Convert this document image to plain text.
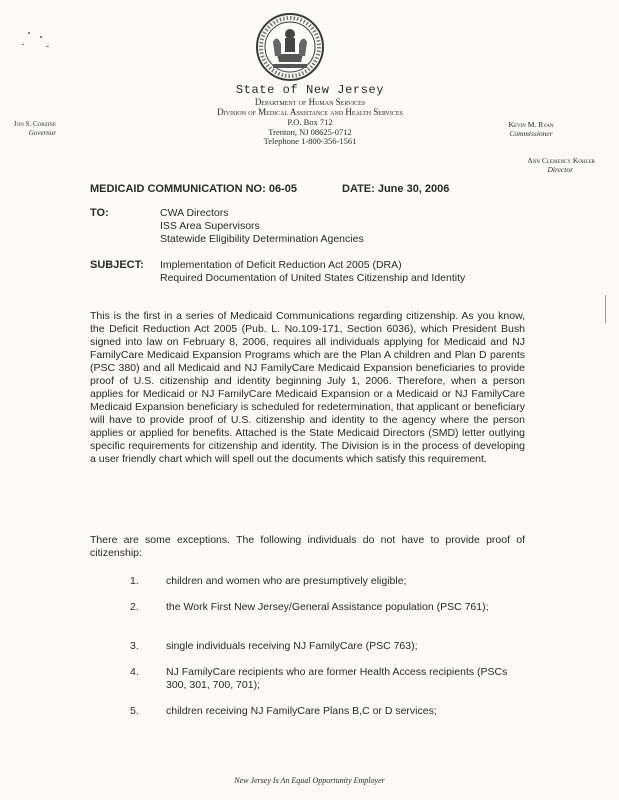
State of New Jersey
Department of Human Services
Division of Medical Assistance and Health Services
P.O. Box 712
Trenton, NJ 08625-0712
Telephone 1-800-356-1561
Jon S. Corzine
Governor
Kevin M. Ryan
Commissioner
Ann Clemency Kohler
Director
MEDICAID COMMUNICATION NO: 06-05	DATE: June 30, 2006
TO:	CWA Directors
ISS Area Supervisors
Statewide Eligibility Determination Agencies
SUBJECT: Implementation of Deficit Reduction Act 2005 (DRA)
Required Documentation of United States Citizenship and Identity
This is the first in a series of Medicaid Communications regarding citizenship. As you know, the Deficit Reduction Act 2005 (Pub. L. No.109-171, Section 6036), which President Bush signed into law on February 8, 2006, requires all individuals applying for Medicaid and NJ FamilyCare Medicaid Expansion Programs which are the Plan A children and Plan D parents (PSC 380) and all Medicaid and NJ FamilyCare Medicaid Expansion beneficiaries to provide proof of U.S. citizenship and identity beginning July 1, 2006. Therefore, when a person applies for Medicaid or NJ FamilyCare Medicaid Expansion or a Medicaid or NJ FamilyCare Medicaid Expansion beneficiary is scheduled for redetermination, that applicant or beneficiary will have to provide proof of U.S. citizenship and identity to the agency where the person applies or applied for benefits. Attached is the State Medicaid Directors (SMD) letter outlying specific requirements for citizenship and identity. The Division is in the process of developing a user friendly chart which will spell out the documents which satisfy this requirement.
There are some exceptions. The following individuals do not have to provide proof of citizenship:
1.	children and women who are presumptively eligible;
2.	the Work First New Jersey/General Assistance population (PSC 761);
3.	single individuals receiving NJ FamilyCare (PSC 763);
4.	NJ FamilyCare recipients who are former Health Access recipients (PSCs 300, 301, 700, 701);
5.	children receiving NJ FamilyCare Plans B,C or D services;
New Jersey Is An Equal Opportunity Employer
